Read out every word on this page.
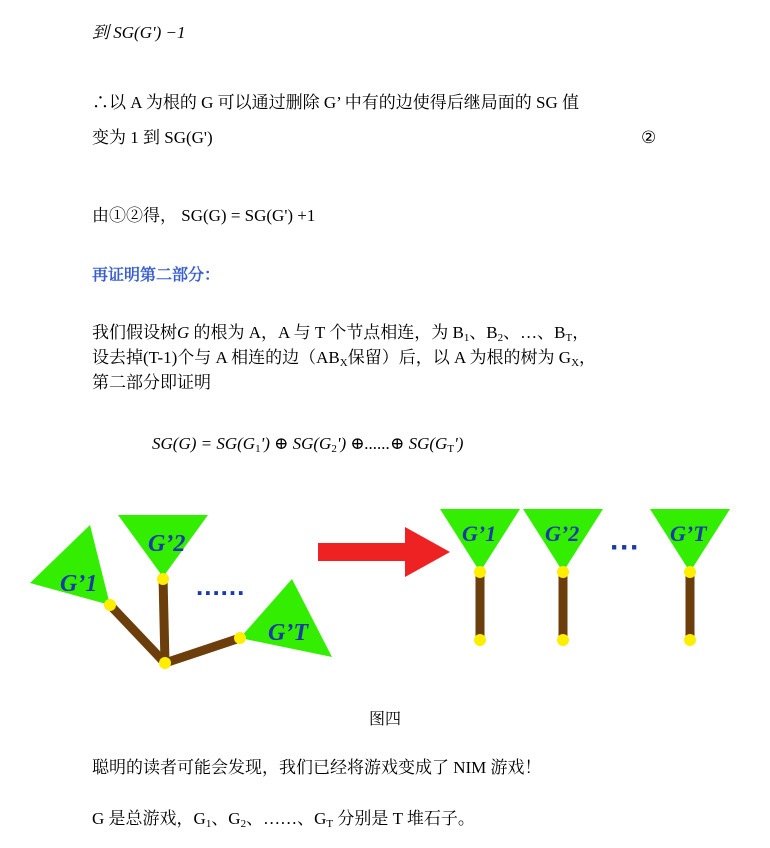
到 SG(G') −1
∴以 A 为根的 G 可以通过删除 G’ 中有的边使得后继局面的 SG 值
变为 1 到 SG(G')	②
由①②得， SG(G) = SG(G') +1
再证明第二部分：
我们假设树G 的根为 A，A 与 T 个节点相连，为 $B_1$、$B_2$、…、$B_T$，
设去掉(T-1)个与 A 相连的边（$AB_X$保留）后，以 A 为根的树为 $G_X$，
第二部分即证明
$SG(G) = SG(G_1')$ ⊕ $SG(G_2')$ ⊕......⊕ $SG(G_T')$
G’1
G’2
G’T
......
G’1 G’2	G’T
···
图四
聪明的读者可能会发现，我们已经将游戏变成了 NIM 游戏！
G 是总游戏，$G_1$、$G_2$、……、$G_T$ 分别是 T 堆石子。
